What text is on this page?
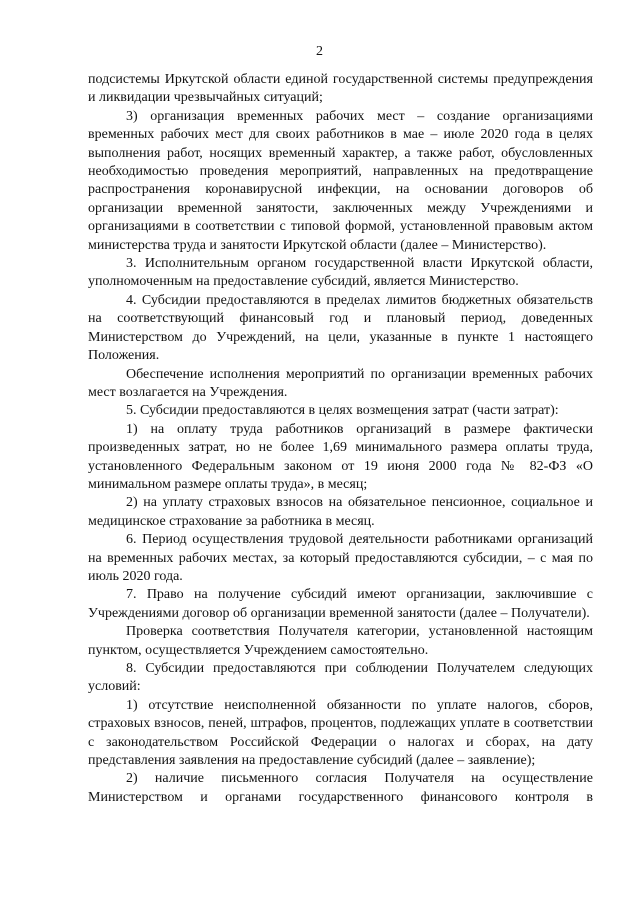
2

подсистемы Иркутской области единой государственной системы предупреждения и ликвидации чрезвычайных ситуаций;

3) организация временных рабочих мест – создание организациями временных рабочих мест для своих работников в мае – июле 2020 года в целях выполнения работ, носящих временный характер, а также работ, обусловленных необходимостью проведения мероприятий, направленных на предотвращение распространения коронавирусной инфекции, на основании договоров об организации временной занятости, заключенных между Учреждениями и организациями в соответствии с типовой формой, установленной правовым актом министерства труда и занятости Иркутской области (далее – Министерство).

3. Исполнительным органом государственной власти Иркутской области, уполномоченным на предоставление субсидий, является Министерство.

4. Субсидии предоставляются в пределах лимитов бюджетных обязательств на соответствующий финансовый год и плановый период, доведенных Министерством до Учреждений, на цели, указанные в пункте 1 настоящего Положения.

Обеспечение исполнения мероприятий по организации временных рабочих мест возлагается на Учреждения.

5. Субсидии предоставляются в целях возмещения затрат (части затрат):

1) на оплату труда работников организаций в размере фактически произведенных затрат, но не более 1,69 минимального размера оплаты труда, установленного Федеральным законом от 19 июня 2000 года № 82-ФЗ «О минимальном размере оплаты труда», в месяц;

2) на уплату страховых взносов на обязательное пенсионное, социальное и медицинское страхование за работника в месяц.

6. Период осуществления трудовой деятельности работниками организаций на временных рабочих местах, за который предоставляются субсидии, – с мая по июль 2020 года.

7. Право на получение субсидий имеют организации, заключившие с Учреждениями договор об организации временной занятости (далее – Получатели).

Проверка соответствия Получателя категории, установленной настоящим пунктом, осуществляется Учреждением самостоятельно.

8. Субсидии предоставляются при соблюдении Получателем следующих условий:

1) отсутствие неисполненной обязанности по уплате налогов, сборов, страховых взносов, пеней, штрафов, процентов, подлежащих уплате в соответствии с законодательством Российской Федерации о налогах и сборах, на дату представления заявления на предоставление субсидий (далее – заявление);

2) наличие письменного согласия Получателя на осуществление Министерством и органами государственного финансового контроля в
